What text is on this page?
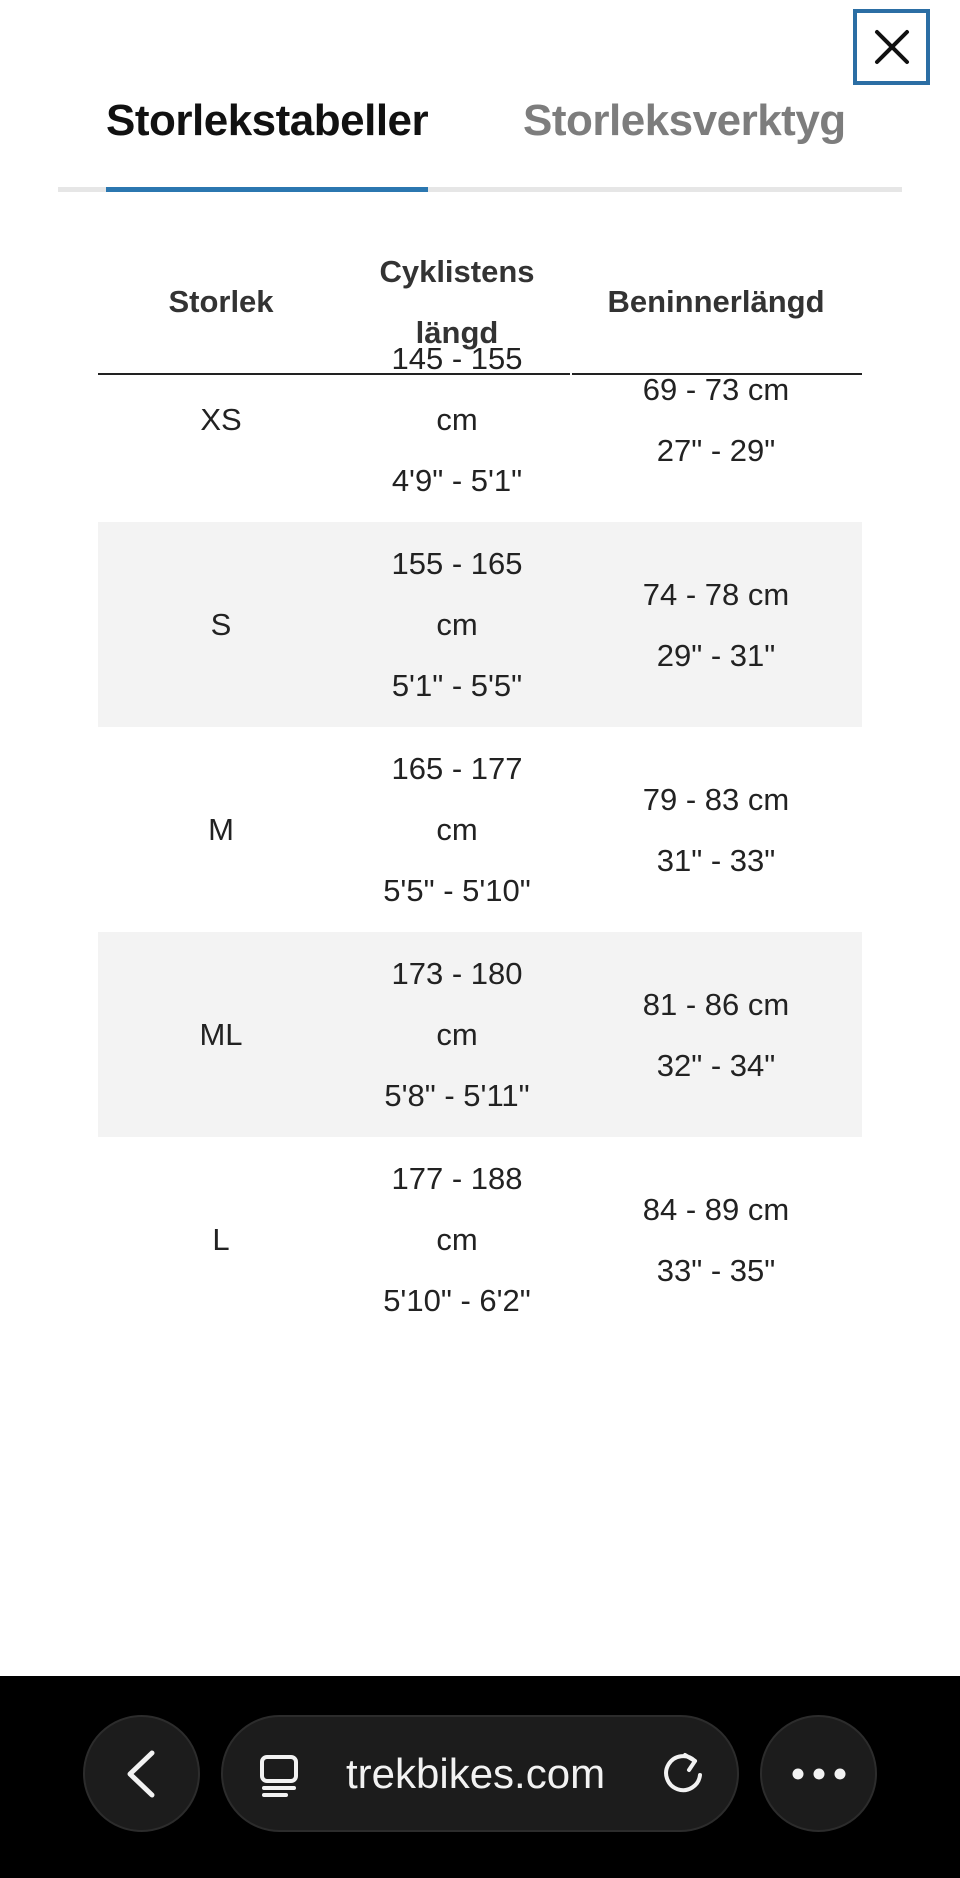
Storlekstabeller Storleksverktyg
Storlek
Cyklistens
längd
Beninnerlängd
XS
145 - 155
cm
4'9" - 5'1"
69 - 73 cm
27" - 29"
S
155 - 165
cm
5'1" - 5'5"
74 - 78 cm
29" - 31"
M
165 - 177
cm
5'5" - 5'10"
79 - 83 cm
31" - 33"
ML
173 - 180
cm
5'8" - 5'11"
81 - 86 cm
32" - 34"
L
177 - 188
cm
5'10" - 6'2"
84 - 89 cm
33" - 35"
trekbikes.com
